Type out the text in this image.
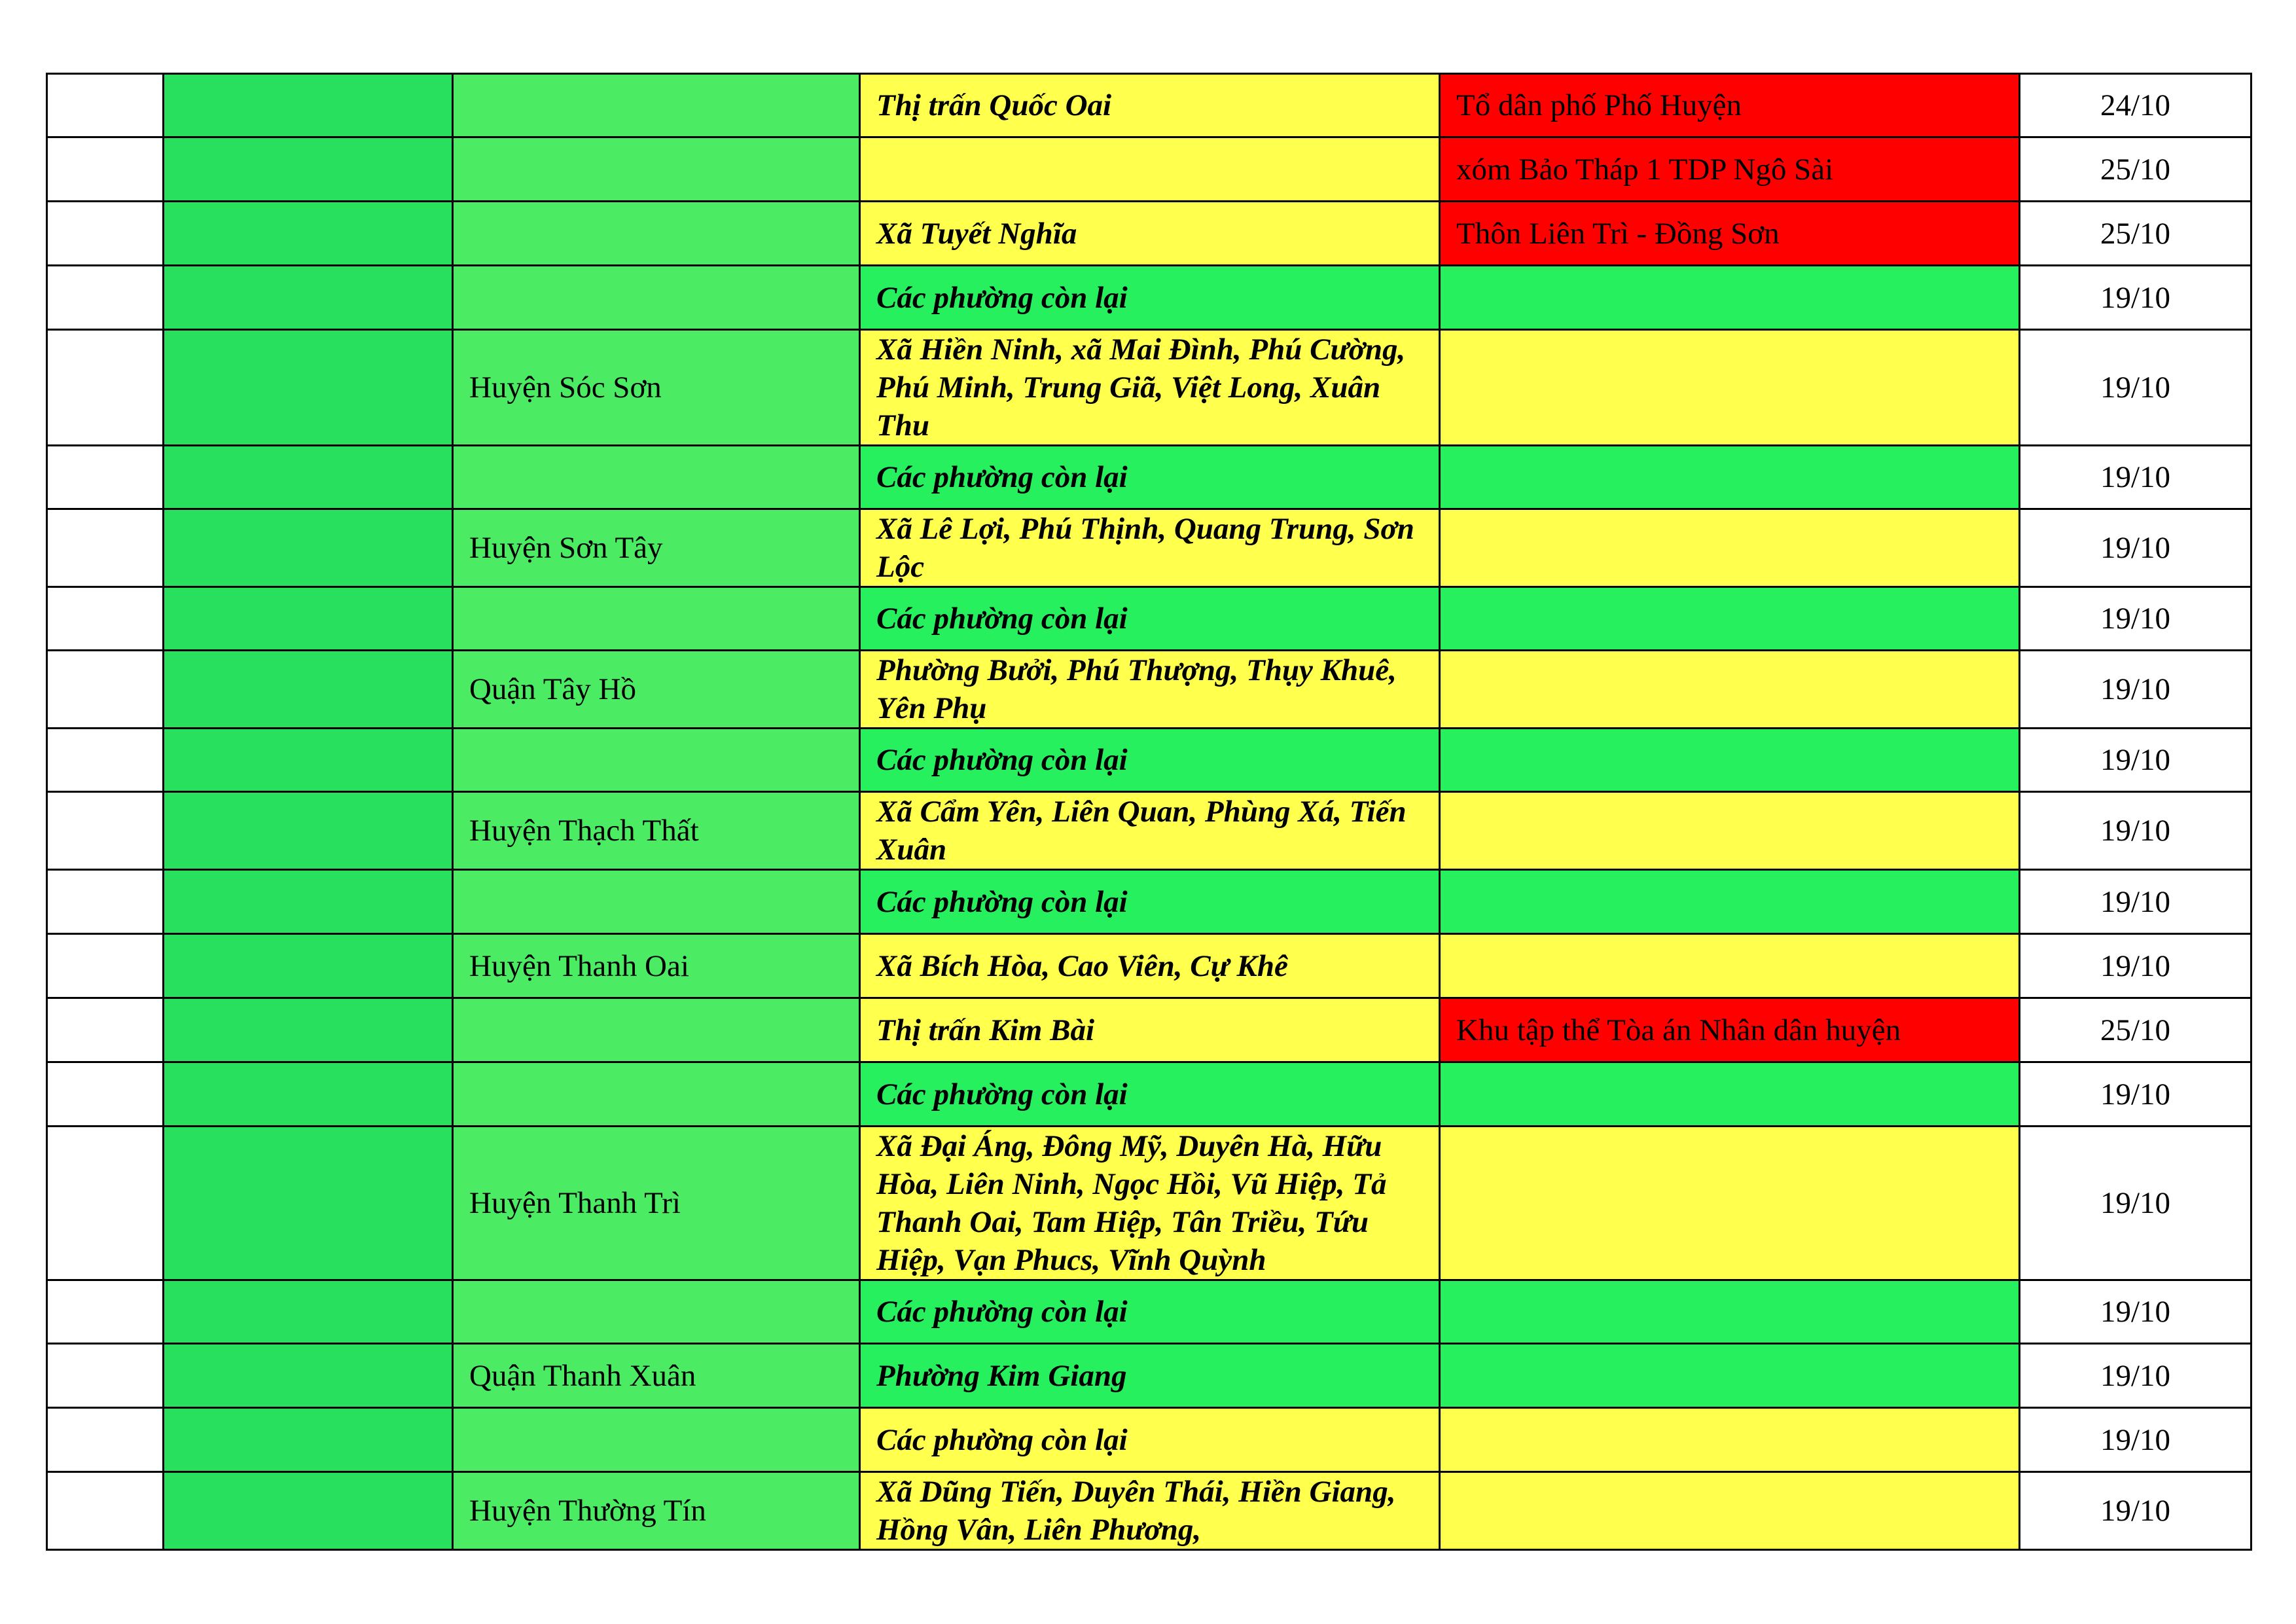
			Thị trấn Quốc Oai	Tổ dân phố Phố Huyện	24/10
				xóm Bảo Tháp 1 TDP Ngô Sài	25/10
			Xã Tuyết Nghĩa	Thôn Liên Trì - Đồng Sơn	25/10
			Các phường còn lại		19/10
		Huyện Sóc Sơn	Xã Hiền Ninh, xã Mai Đình, Phú Cường, Phú Minh, Trung Giã, Việt Long, Xuân Thu		19/10
			Các phường còn lại		19/10
		Huyện Sơn Tây	Xã Lê Lợi, Phú Thịnh, Quang Trung, Sơn Lộc		19/10
			Các phường còn lại		19/10
		Quận Tây Hồ	Phường Bưởi, Phú Thượng, Thụy Khuê, Yên Phụ		19/10
			Các phường còn lại		19/10
		Huyện Thạch Thất	Xã Cẩm Yên, Liên Quan, Phùng Xá, Tiến Xuân		19/10
			Các phường còn lại		19/10
		Huyện Thanh Oai	Xã Bích Hòa, Cao Viên, Cự Khê		19/10
			Thị trấn Kim Bài	Khu tập thể Tòa án Nhân dân huyện	25/10
			Các phường còn lại		19/10
		Huyện Thanh Trì	Xã Đại Áng, Đông Mỹ, Duyên Hà, Hữu Hòa, Liên Ninh, Ngọc Hồi, Vũ Hiệp, Tả Thanh Oai, Tam Hiệp, Tân Triều, Tứu Hiệp, Vạn Phucs, Vĩnh Quỳnh		19/10
			Các phường còn lại		19/10
		Quận Thanh Xuân	Phường Kim Giang		19/10
			Các phường còn lại		19/10
		Huyện Thường Tín	Xã Dũng Tiến, Duyên Thái, Hiền Giang, Hồng Vân, Liên Phương,		19/10
